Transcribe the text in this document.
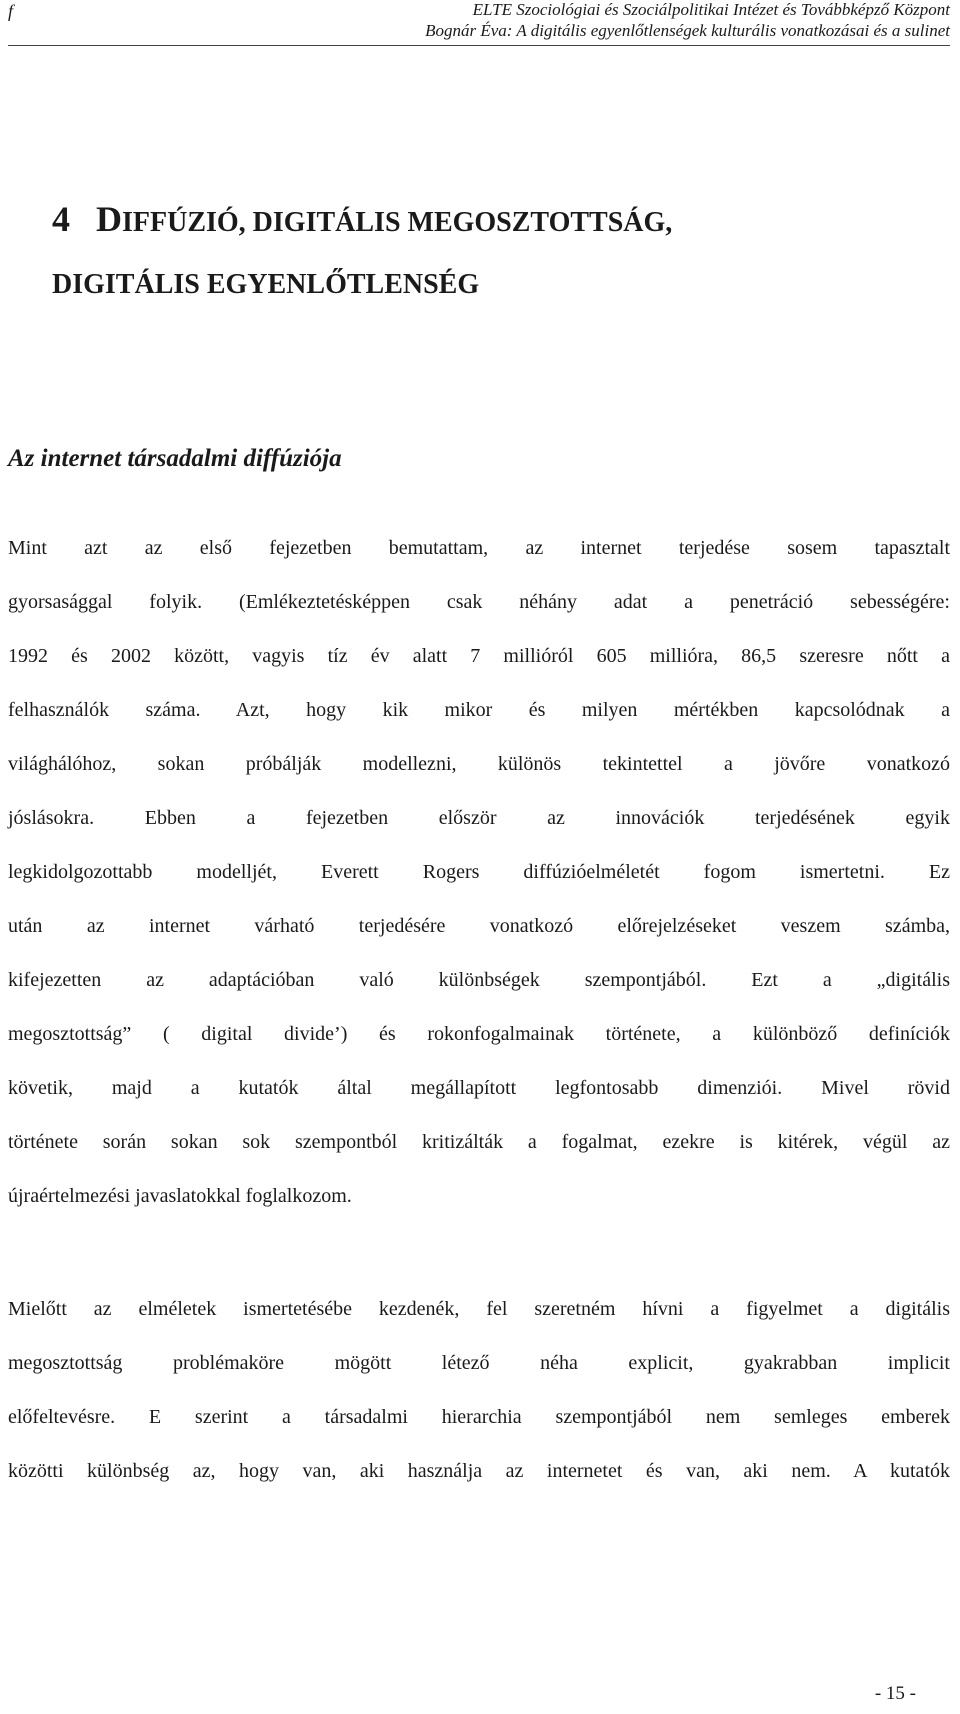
f	ELTE Szociológiai és Szociálpolitikai Intézet és Továbbképző Központ
Bognár Éva: A digitális egyenlőtlenségek kulturális vonatkozásai és a sulinet
4 DIFFÚZIÓ, DIGITÁLIS MEGOSZTOTTSÁG,
DIGITÁLIS EGYENLŐTLENSÉG
Az internet társadalmi diffúziója

Mint azt az első fejezetben bemutattam, az internet terjedése sosem tapasztalt
gyorsasággal folyik. (Emlékeztetésképpen csak néhány adat a penetráció sebességére:
1992 és 2002 között, vagyis tíz év alatt 7 millióról 605 millióra, 86,5 szeresre nőtt a
felhasználók száma. Azt, hogy kik mikor és milyen mértékben kapcsolódnak a
világhálóhoz, sokan próbálják modellezni, különös tekintettel a jövőre vonatkozó
jóslásokra. Ebben a fejezetben először az innovációk terjedésének egyik
legkidolgozottabb modelljét, Everett Rogers diffúzióelméletét fogom ismertetni. Ez
után az internet várható terjedésére vonatkozó előrejelzéseket veszem számba,
kifejezetten az adaptációban való különbségek szempontjából. Ezt a „digitális
megosztottság” ( digital divide’) és rokonfogalmainak története, a különböző definíciók
követik, majd a kutatók által megállapított legfontosabb dimenziói. Mivel rövid
története során sokan sok szempontból kritizálták a fogalmat, ezekre is kitérek, végül az
újraértelmezési javaslatokkal foglalkozom.

Mielőtt az elméletek ismertetésébe kezdenék, fel szeretném hívni a figyelmet a digitális
megosztottság problémaköre mögött létező néha explicit, gyakrabban implicit
előfeltevésre. E szerint a társadalmi hierarchia szempontjából nem semleges emberek
közötti különbség az, hogy van, aki használja az internetet és van, aki nem. A kutatók

- 15 -
